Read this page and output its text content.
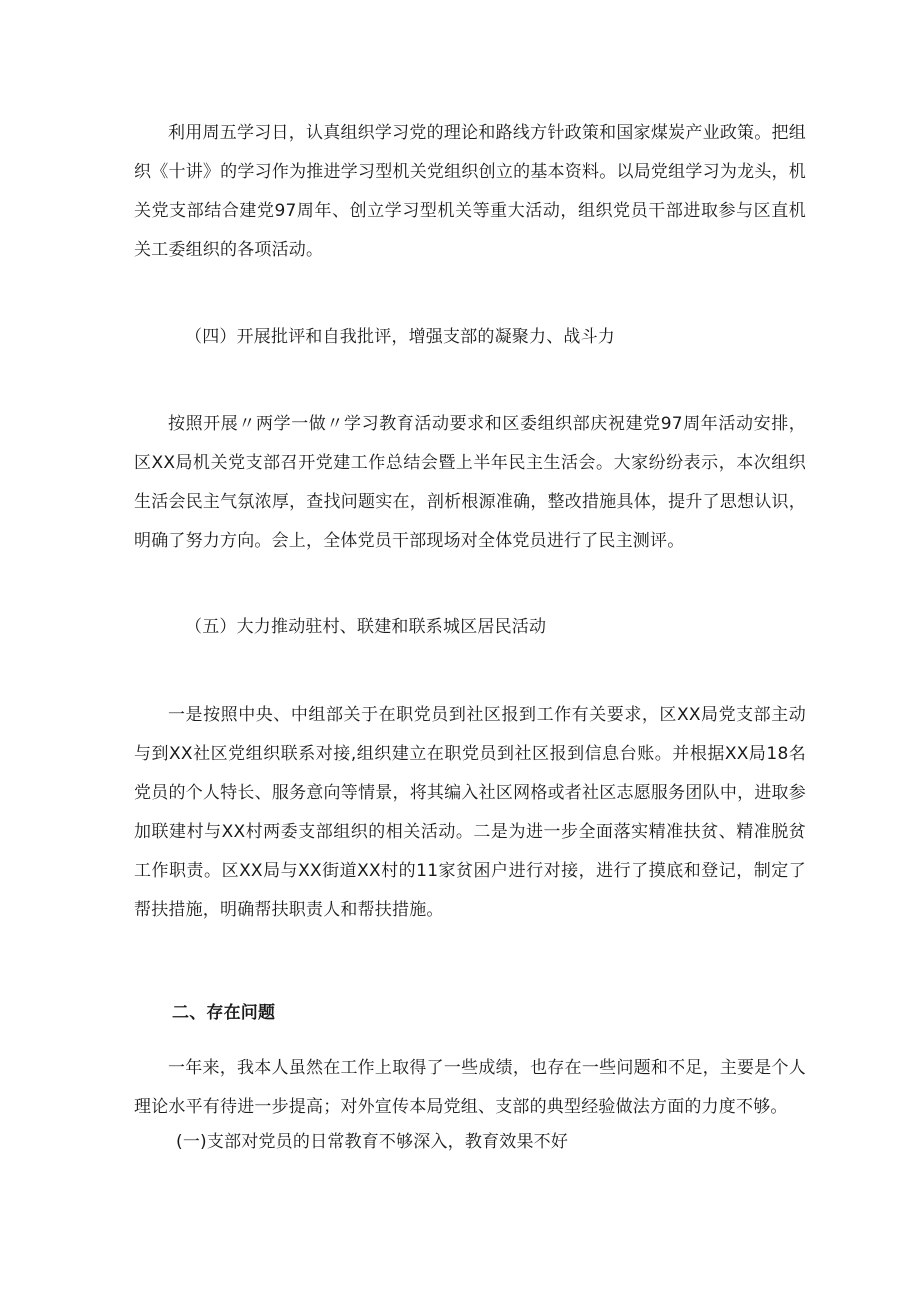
利用周五学习日，认真组织学习党的理论和路线方针政策和国家煤炭产业政策。把组织《十讲》的学习作为推进学习型机关党组织创立的基本资料。以局党组学习为龙头，机关党支部结合建党97周年、创立学习型机关等重大活动，组织党员干部进取参与区直机关工委组织的各项活动。

（四）开展批评和自我批评，增强支部的凝聚力、战斗力

按照开展〃两学一做〃学习教育活动要求和区委组织部庆祝建党97周年活动安排，区XX局机关党支部召开党建工作总结会暨上半年民主生活会。大家纷纷表示，本次组织生活会民主气氛浓厚，查找问题实在，剖析根源准确，整改措施具体，提升了思想认识，明确了努力方向。会上，全体党员干部现场对全体党员进行了民主测评。

（五）大力推动驻村、联建和联系城区居民活动

一是按照中央、中组部关于在职党员到社区报到工作有关要求，区XX局党支部主动与到XX社区党组织联系对接,组织建立在职党员到社区报到信息台账。并根据XX局18名党员的个人特长、服务意向等情景，将其编入社区网格或者社区志愿服务团队中，进取参加联建村与XX村两委支部组织的相关活动。二是为进一步全面落实精准扶贫、精准脱贫工作职责。区XX局与XX街道XX村的11家贫困户进行对接，进行了摸底和登记，制定了帮扶措施，明确帮扶职责人和帮扶措施。

二、存在问题

一年来，我本人虽然在工作上取得了一些成绩，也存在一些问题和不足，主要是个人理论水平有待进一步提高；对外宣传本局党组、支部的典型经验做法方面的力度不够。

(一)支部对党员的日常教育不够深入，教育效果不好
